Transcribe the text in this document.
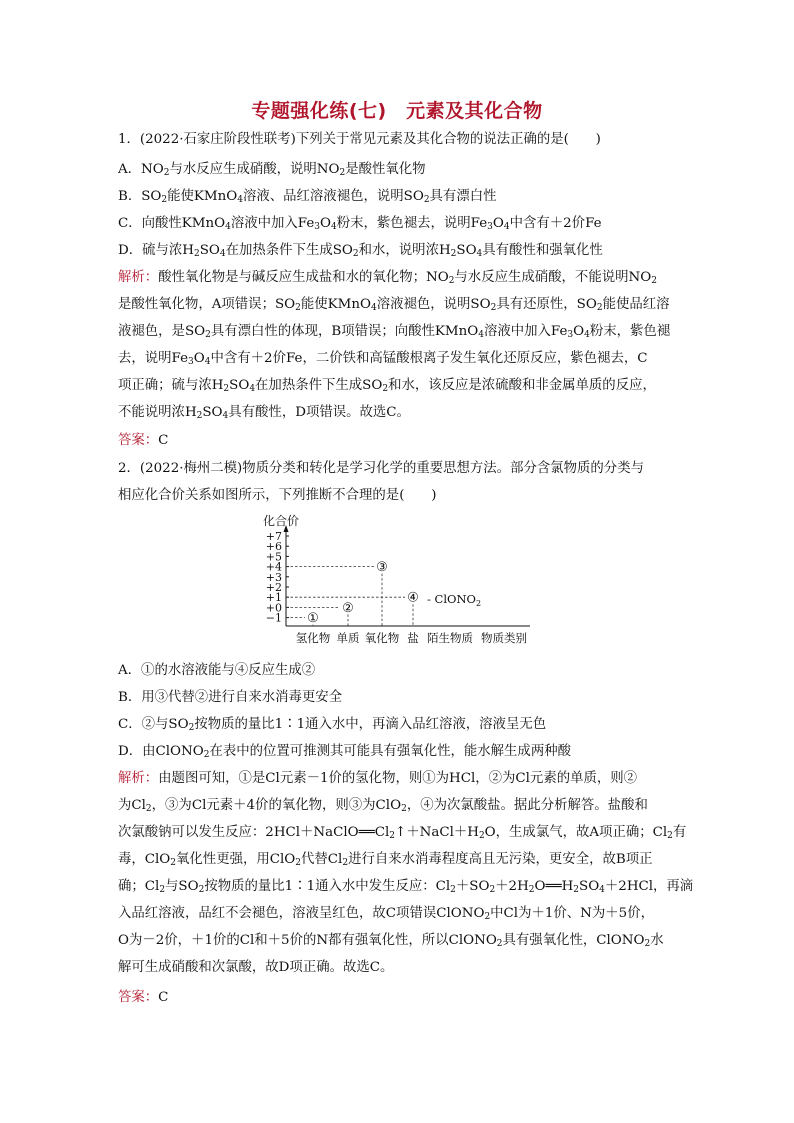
专题强化练(七)　元素及其化合物
1．(2022·石家庄阶段性联考)下列关于常见元素及其化合物的说法正确的是(　　)
A．$NO_2$与水反应生成硝酸，说明$NO_2$是酸性氧化物
B．$SO_2$能使KMnO$_4$溶液、品红溶液褪色，说明$SO_2$具有漂白性
C．向酸性KMnO$_4$溶液中加入$Fe_3O_4$粉末，紫色褪去，说明$Fe_3O_4$中含有＋2价Fe
D．硫与浓$H_2SO_4$在加热条件下生成$SO_2$和水，说明浓$H_2SO_4$具有酸性和强氧化性
解析：酸性氧化物是与碱反应生成盐和水的氧化物；$NO_2$与水反应生成硝酸，不能说明$NO_2$
是酸性氧化物，A项错误；$SO_2$能使KMnO$_4$溶液褪色，说明$SO_2$具有还原性，$SO_2$能使品红溶
液褪色，是$SO_2$具有漂白性的体现，B项错误；向酸性KMnO$_4$溶液中加入$Fe_3O_4$粉末，紫色褪
去，说明$Fe_3O_4$中含有＋2价Fe，二价铁和高锰酸根离子发生氧化还原反应，紫色褪去，C
项正确；硫与浓$H_2SO_4$在加热条件下生成$SO_2$和水，该反应是浓硫酸和非金属单质的反应，
不能说明浓$H_2SO_4$具有酸性，D项错误。故选C。
答案：C
2．(2022·梅州二模)物质分类和转化是学习化学的重要思想方法。部分含氯物质的分类与
相应化合价关系如图所示，下列推断不合理的是(　　)
化合价
+7
+6
+5
+4
+3
+2
+1
+0
−1
氢化物 单质 氧化物 盐 陌生物质 物质类别
①
②
③
④ - ClONO$_2$
A．①的水溶液能与④反应生成②
B．用③代替②进行自来水消毒更安全
C．②与$SO_2$按物质的量比1∶1通入水中，再滴入品红溶液，溶液呈无色
D．由ClONO$_2$在表中的位置可推测其可能具有强氧化性，能水解生成两种酸
解析：由题图可知，①是Cl元素－1价的氢化物，则①为HCl，②为Cl元素的单质，则②
为$Cl_2$，③为Cl元素＋4价的氧化物，则③为ClO$_2$，④为次氯酸盐。据此分析解答。盐酸和
次氯酸钠可以发生反应：$2HCl+NaClO══Cl_2↑+NaCl+H_2O$，生成氯气，故A项正确；$Cl_2$有
毒，ClO$_2$氧化性更强，用ClO$_2$代替$Cl_2$进行自来水消毒程度高且无污染，更安全，故B项正
确；$Cl_2$与$SO_2$按物质的量比1∶1通入水中发生反应：$Cl_2+SO_2+2H_2O══H_2SO_4+2HCl$，再滴
入品红溶液，品红不会褪色，溶液呈红色，故C项错误ClONO$_2$中Cl为＋1价、N为＋5价，
O为－2价，＋1价的Cl和＋5价的N都有强氧化性，所以ClONO$_2$具有强氧化性，ClONO$_2$水
解可生成硝酸和次氯酸，故D项正确。故选C。
答案：C
